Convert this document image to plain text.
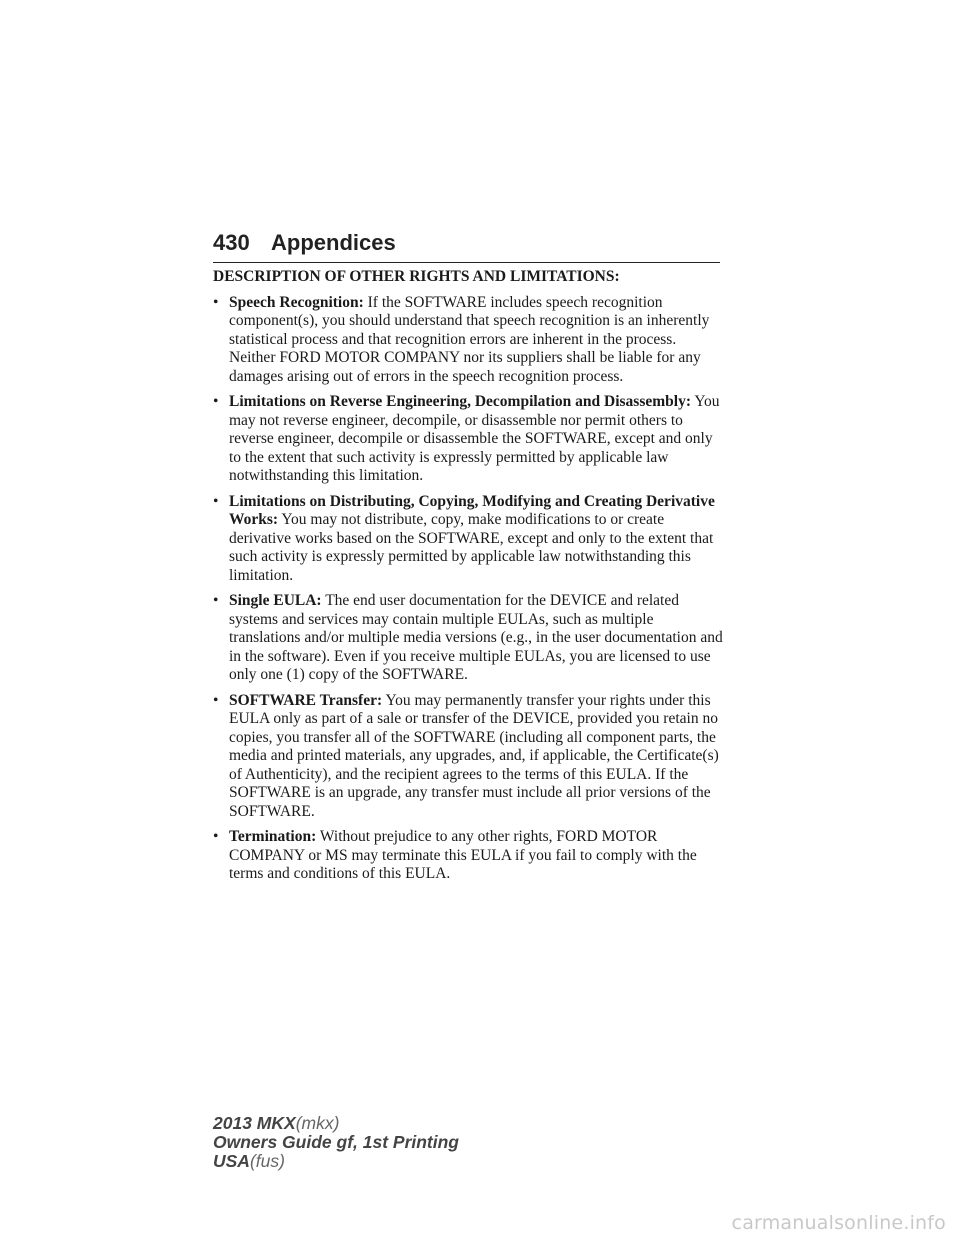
430 Appendices

DESCRIPTION OF OTHER RIGHTS AND LIMITATIONS:

• Speech Recognition: If the SOFTWARE includes speech recognition component(s), you should understand that speech recognition is an inherently statistical process and that recognition errors are inherent in the process. Neither FORD MOTOR COMPANY nor its suppliers shall be liable for any damages arising out of errors in the speech recognition process.
• Limitations on Reverse Engineering, Decompilation and Disassembly: You may not reverse engineer, decompile, or disassemble nor permit others to reverse engineer, decompile or disassemble the SOFTWARE, except and only to the extent that such activity is expressly permitted by applicable law notwithstanding this limitation.
• Limitations on Distributing, Copying, Modifying and Creating Derivative Works: You may not distribute, copy, make modifications to or create derivative works based on the SOFTWARE, except and only to the extent that such activity is expressly permitted by applicable law notwithstanding this limitation.
• Single EULA: The end user documentation for the DEVICE and related systems and services may contain multiple EULAs, such as multiple translations and/or multiple media versions (e.g., in the user documentation and in the software). Even if you receive multiple EULAs, you are licensed to use only one (1) copy of the SOFTWARE.
• SOFTWARE Transfer: You may permanently transfer your rights under this EULA only as part of a sale or transfer of the DEVICE, provided you retain no copies, you transfer all of the SOFTWARE (including all component parts, the media and printed materials, any upgrades, and, if applicable, the Certificate(s) of Authenticity), and the recipient agrees to the terms of this EULA. If the SOFTWARE is an upgrade, any transfer must include all prior versions of the SOFTWARE.
• Termination: Without prejudice to any other rights, FORD MOTOR COMPANY or MS may terminate this EULA if you fail to comply with the terms and conditions of this EULA.
2013 MKX(mkx)
Owners Guide gf, 1st Printing
USA(fus)
carmanualsonline.info
